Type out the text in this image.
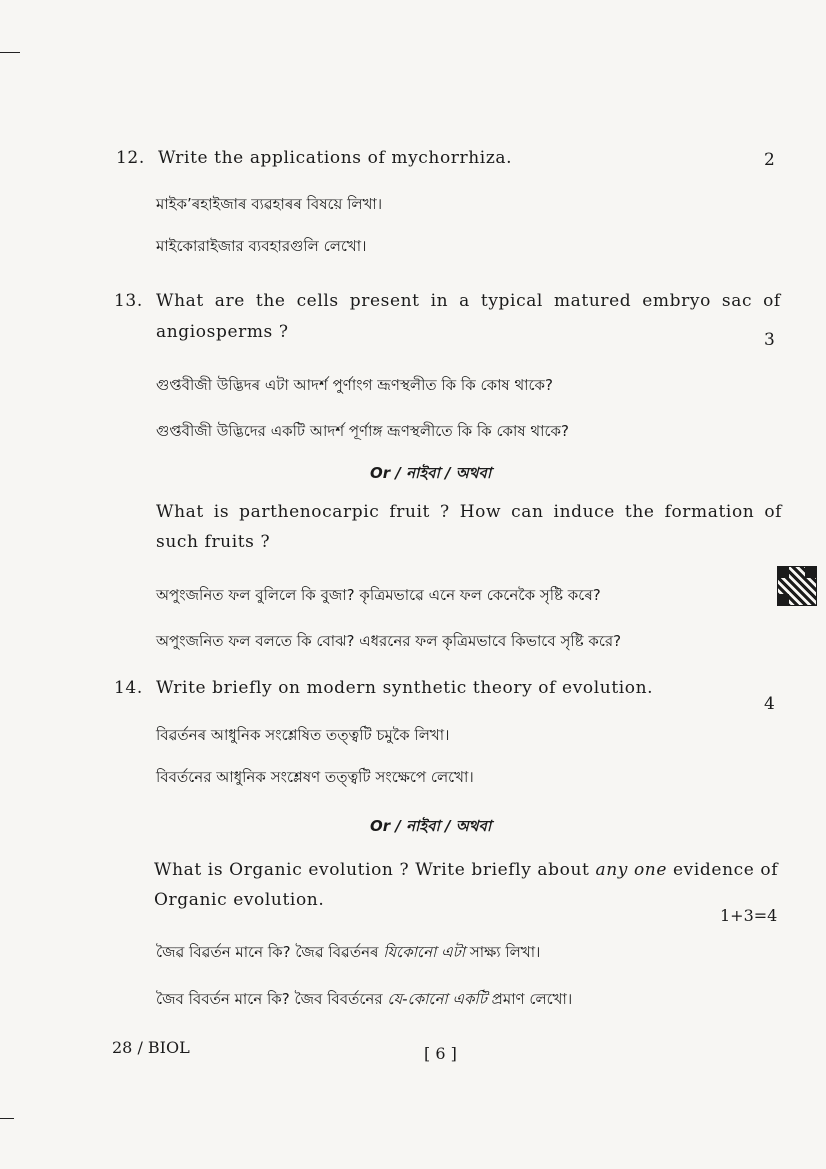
12. Write the applications of mychorrhiza.	2
মাইক’ৰহাইজাৰ ব্যৱহাৰৰ বিষয়ে লিখা।
মাইকোরাইজার ব্যবহারগুলি লেখো।
13. What are the cells present in a typical matured embryo sac of
angiosperms ?	3
গুপ্তবীজী উদ্ভিদৰ এটা আদৰ্শ পুৰ্ণাংগ ভ্ৰূণস্থলীত কি কি কোষ থাকে?
গুপ্তবীজী উদ্ভিদের একটি আদর্শ পূর্ণাঙ্গ ভ্রূণস্থলীতে কি কি কোষ থাকে?
Or / নাইবা / অথবা
What is parthenocarpic fruit ? How can induce the formation of
such fruits ?
অপুংজনিত ফল বুলিলে কি বুজা? কৃত্রিমভাৱে এনে ফল কেনেকৈ সৃষ্টি কৰে?
অপুংজনিত ফল বলতে কি বোঝ? এধরনের ফল কৃত্রিমভাবে কিভাবে সৃষ্টি করে?
14. Write briefly on modern synthetic theory of evolution.
4
বিৱৰ্তনৰ আধুনিক সংশ্লেষিত তত্ত্বটি চমুকৈ লিখা।
বিবর্তনের আধুনিক সংশ্লেষণ তত্ত্বটি সংক্ষেপে লেখো।
Or / নাইবা / অথবা
What is Organic evolution ? Write briefly about any one evidence of
Organic evolution.
1+3=4
জৈৱ বিৱৰ্তন মানে কি? জৈৱ বিৱৰ্তনৰ যিকোনো এটা সাক্ষ্য লিখা।
জৈব বিবর্তন মানে কি? জৈব বিবর্তনের যে-কোনো একটি প্রমাণ লেখো।
28 / BIOL	[ 6 ]
